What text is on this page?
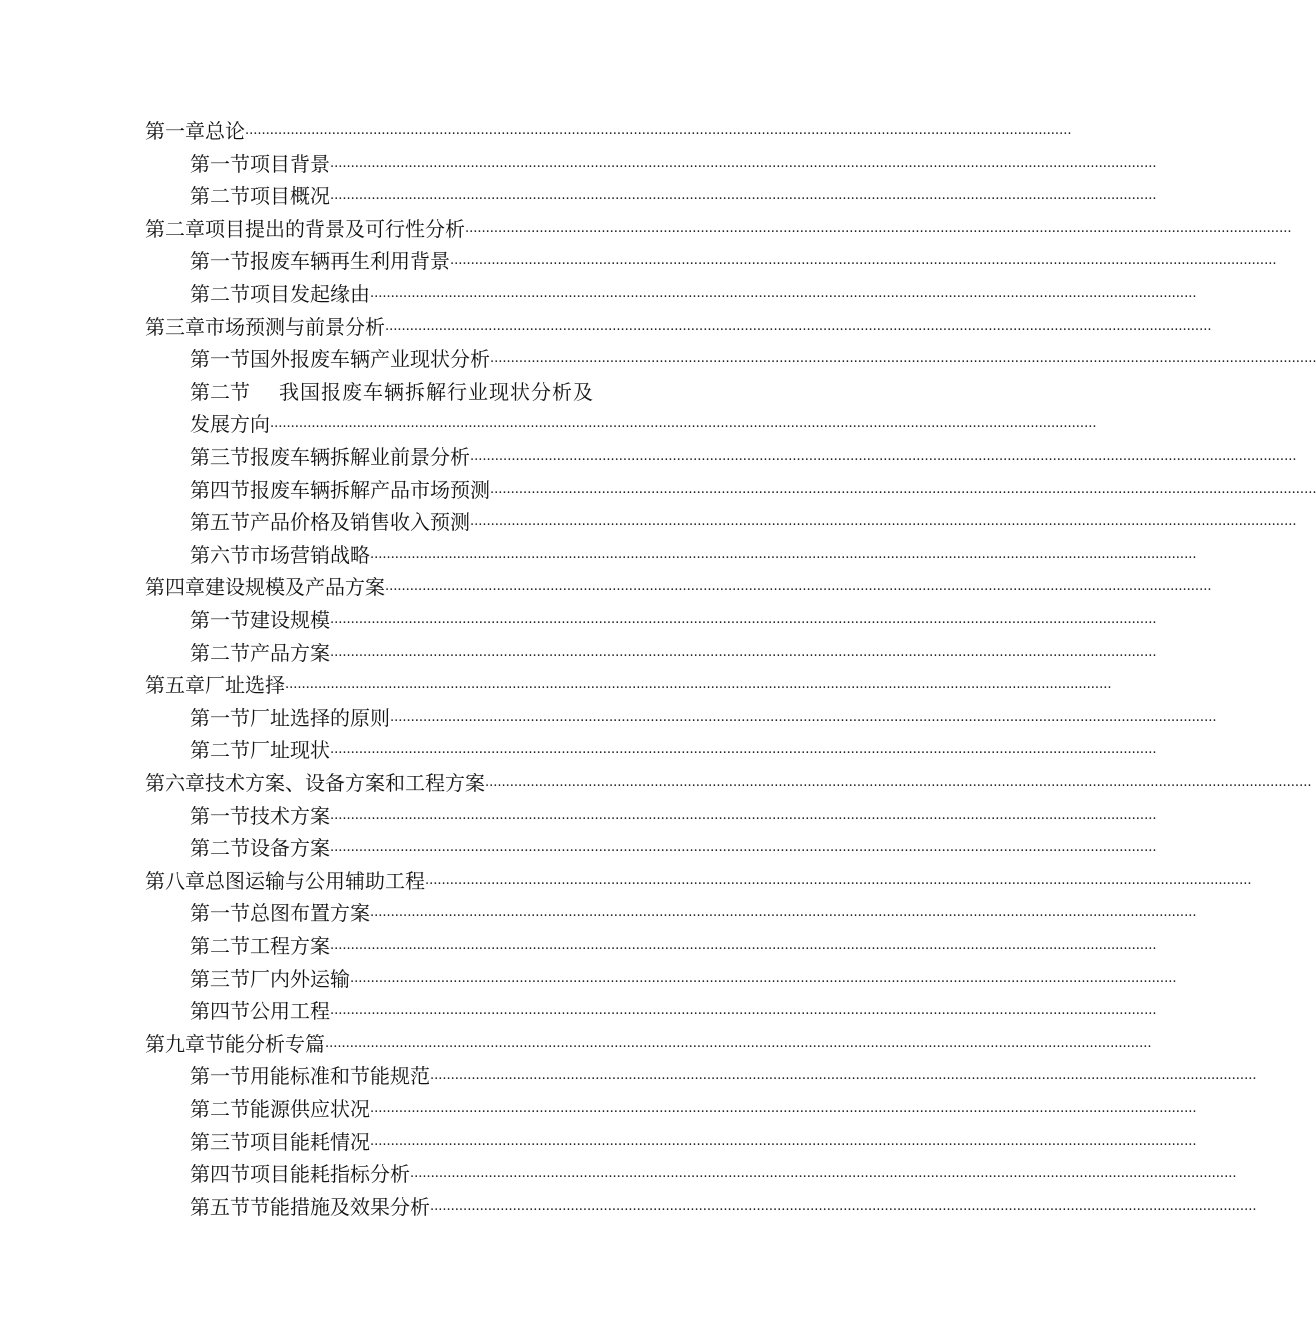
第一章 总论 ........................................................................................................................................................................................................
第一节 项目背景 ........................................................................................................................................................................................................
第二节 项目概况 ........................................................................................................................................................................................................
第二章 项目提出的背景及可行性分析 ........................................................................................................................................................................................................
第一节 报废车辆再生利用背景 ........................................................................................................................................................................................................
第二节 项目发起缘由 ........................................................................................................................................................................................................
第三章 市场预测与前景分析 ........................................................................................................................................................................................................
第一节 国外报废车辆产业现状分析 ........................................................................................................................................................................................................
第二节	我国报废车辆拆解行业现状分析及
发展方向 ........................................................................................................................................................................................................
第三节 报废车辆拆解业前景分析 ........................................................................................................................................................................................................
第四节 报废车辆拆解产品市场预测 ........................................................................................................................................................................................................
第五节 产品价格及销售收入预测 ........................................................................................................................................................................................................
第六节 市场营销战略 ........................................................................................................................................................................................................
第四章 建设规模及产品方案 ........................................................................................................................................................................................................
第一节 建设规模 ........................................................................................................................................................................................................
第二节 产品方案 ........................................................................................................................................................................................................
第五章 厂址选择 ........................................................................................................................................................................................................
第一节 厂址选择的原则 ........................................................................................................................................................................................................
第二节 厂址现状 ........................................................................................................................................................................................................
第六章 技术方案、设备方案和工程方案 ........................................................................................................................................................................................................
第一节 技术方案 ........................................................................................................................................................................................................
第二节 设备方案 ........................................................................................................................................................................................................
第八章 总图运输与公用辅助工程 ........................................................................................................................................................................................................
第一节 总图布置方案 ........................................................................................................................................................................................................
第二节 工程方案 ........................................................................................................................................................................................................
第三节 厂内外运输 ........................................................................................................................................................................................................
第四节 公用工程 ........................................................................................................................................................................................................
第九章 节能分析专篇 ........................................................................................................................................................................................................
第一节 用能标准和节能规范 ........................................................................................................................................................................................................
第二节 能源供应状况 ........................................................................................................................................................................................................
第三节 项目能耗情况 ........................................................................................................................................................................................................
第四节 项目能耗指标分析 ........................................................................................................................................................................................................
第五节 节能措施及效果分析 ........................................................................................................................................................................................................
